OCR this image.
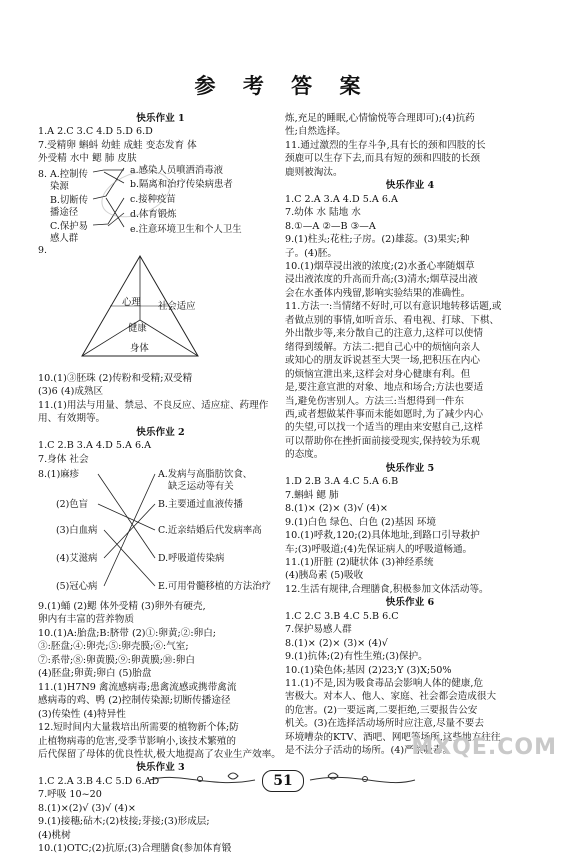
参 考 答 案

快乐作业 1

1.A 2.C 3.C 4.D 5.D 6.D

7.受精卵 蝌蚪 幼蛙 成蛙 变态发育 体

外受精 水中 鳃 肺 皮肤

8. A.控制传
染源
B.切断传
播途径
C.保护易
感人群
a.感染人员噴洒消毒液
b.隔离和治疗传染病患者
c.接种疫苗
d.体育锻炼
e.注意环境卫生和个人卫生
9.
心理
健康
社会适应
身体

10.(1)③胚珠 (2)传粉和受精;双受精

(3)6 (4)成熟区

11.(1)用法与用量、禁忌、不良反应、适应症、药理作

用、有效期等。

快乐作业 2

1.C 2.B 3.A 4.D 5.A 6.A

7.身体 社会

8.(1)麻疹
(2)色盲
(3)白血病
(4)艾滋病
(5)冠心病
A.发病与高脂肪饮食、
缺乏运动等有关
B.主要通过血液传播
C.近亲结婚后代发病率高
D.呼吸道传染病
E.可用骨髓移植的方法治疗

9.(1)蛹 (2)鳃 体外受精 (3)卵外有硬壳,

卵内有丰富的营养物质

10.(1)A:胎盘;B:脐带 (2)①:卵黄;②:卵白;

③:胚盘;④:卵壳;⑤:卵壳膜;⑥:气室;

⑦:系带;⑧:卵黄膜;⑨:卵黄膜;⑩:卵白

(4)胚盘;卵黄;卵白 (5)胎盘

11.(1)H7N9 禽流感病毒;患禽流感或携带禽流

感病毒的鸡、鸭 (2)控制传染源;切断传播途径

(3)传染性 (4)特异性

12.短时间内大量栽培出所需要的植物新个体;防

止植物病毒的危害,受季节影响小,该技术繁殖的

后代保留了母体的优良性状,极大地提高了农业生产效率。

快乐作业 3

1.C 2.A 3.B 4.C 5.D 6.AD

7.呼吸 10~20

8.(1)×(2)√ (3)√ (4)×

9.(1)接穗;砧木;(2)枝接;芽接;(3)形成层;

(4)桃树

10.(1)OTC;(2)抗原;(3)合理膳食(参加体育锻

炼,充足的睡眠,心情愉悦等合理即可);(4)抗药

性;自然选择。

11.通过激烈的生存斗争,具有长的颈和四肢的长

颈鹿可以生存下去,而具有短的颈和四肢的长颈

鹿则被淘汰。

快乐作业 4

1.C 2.A 3.A 4.D 5.A 6.A

7.幼体 水 陆地 水

8.①—A ②—B ③—A

9.(1)柱头;花柱;子房。(2)雄蕊。(3)果实;种

子。(4)胚。

10.(1)烟草浸出液的浓度;(2)水蚤心率随烟草

浸出液浓度的升高而升高;(3)清水;烟草浸出液

会在水蚤体内残留,影响实验结果的准确性。

11.方法一:当情绪不好时,可以有意识地转移话题,或

者做点别的事情,如听音乐、看电视、打球、下棋、

外出散步等,来分散自己的注意力,这样可以使情

绪得到缓解。方法二:把自己心中的烦恼向亲人

或知心的朋友诉说甚至大哭一场,把积压在内心

的烦恼宣泄出来,这样会对身心健康有利。但

是,要注意宣泄的对象、地点和场合;方法也要适

当,避免伤害别人。方法三:当想得到一件东

西,或者想做某件事而未能如愿时,为了减少内心

的失望,可以找一个适当的理由来安慰自己,这样

可以帮助你在挫折面前接受现实,保持较为乐观

的态度。

快乐作业 5

1.D 2.B 3.A 4.C 5.A 6.B

7.蝌蚪 鳃 肺

8.(1)× (2)× (3)√ (4)×

9.(1)白色 绿色、白色 (2)基因 环境

10.(1)呼救,120;(2)具体地址,到路口引导救护

车;(3)呼吸道;(4)先保证病人的呼吸道畅通。

11.(1)肝脏 (2)睫状体 (3)神经系统

(4)胰岛素 (5)吸收

12.生活有规律,合理膳食,积极参加文体活动等。

快乐作业 6

1.C 2.C 3.B 4.C 5.B 6.C

7.保护易感人群

8.(1)× (2)× (3)× (4)√

9.(1)抗体;(2)有性生殖;(3)保护。

10.(1)染色体;基因 (2)23;Y (3)X;50%

11.(1)不是,因为吸食毒品会影响人体的健康,危

害极大。对本人、他人、家庭、社会都会造成很大

的危害。(2)一要远离,二要拒绝,三要报告公安

机关。(3)在选择活动场所时应注意,尽量不要去

环境嘈杂的KTV、酒吧、网吧等场所,这些地方往往

是不法分子活动的场所。(4)严禁吸毒。

MXQE.COM
51
